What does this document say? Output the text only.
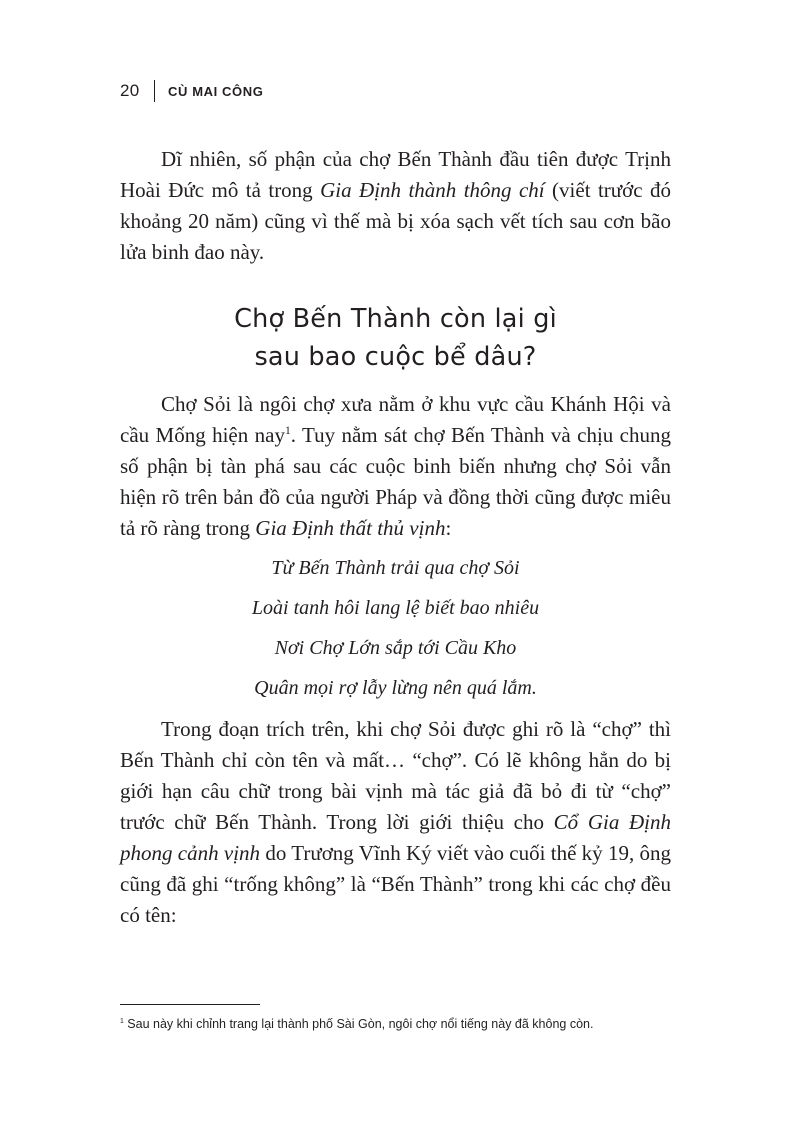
20 CÙ MAI CÔNG

Dĩ nhiên, số phận của chợ Bến Thành đầu tiên được Trịnh Hoài Đức mô tả trong Gia Định thành thông chí (viết trước đó khoảng 20 năm) cũng vì thế mà bị xóa sạch vết tích sau cơn bão lửa binh đao này.

Chợ Bến Thành còn lại gì
sau bao cuộc bể dâu?

Chợ Sỏi là ngôi chợ xưa nằm ở khu vực cầu Khánh Hội và cầu Mống hiện nay$^1$. Tuy nằm sát chợ Bến Thành và chịu chung số phận bị tàn phá sau các cuộc binh biến nhưng chợ Sỏi vẫn hiện rõ trên bản đồ của người Pháp và đồng thời cũng được miêu tả rõ ràng trong Gia Định thất thủ vịnh:

Từ Bến Thành trải qua chợ Sỏi
Loài tanh hôi lang lệ biết bao nhiêu
Nơi Chợ Lớn sắp tới Cầu Kho
Quân mọi rợ lẫy lừng nên quá lắm.

Trong đoạn trích trên, khi chợ Sỏi được ghi rõ là “chợ” thì Bến Thành chỉ còn tên và mất… “chợ”. Có lẽ không hẳn do bị giới hạn câu chữ trong bài vịnh mà tác giả đã bỏ đi từ “chợ” trước chữ Bến Thành. Trong lời giới thiệu cho Cổ Gia Định phong cảnh vịnh do Trương Vĩnh Ký viết vào cuối thế kỷ 19, ông cũng đã ghi “trống không” là “Bến Thành” trong khi các chợ đều có tên:

$^1$ Sau này khi chỉnh trang lại thành phố Sài Gòn, ngôi chợ nổi tiếng này đã không còn.
